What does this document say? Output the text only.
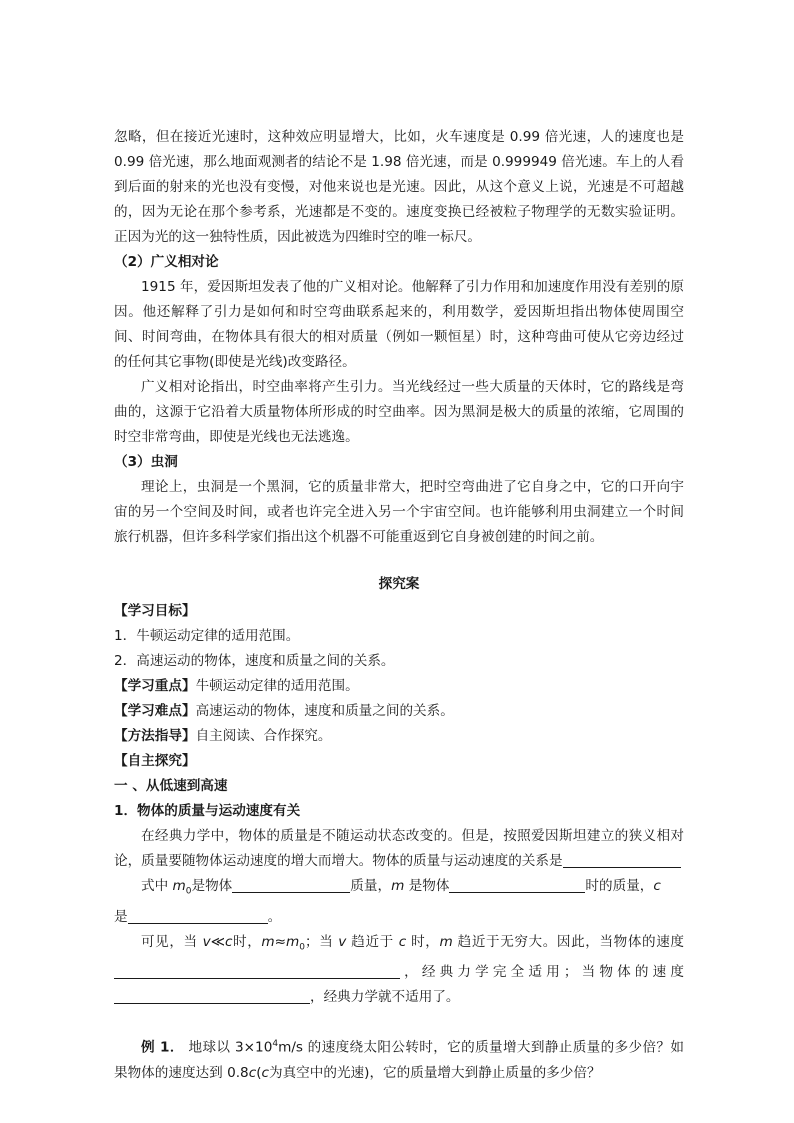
忽略，但在接近光速时，这种效应明显增大，比如，火车速度是 0.99 倍光速，人的速度也是 0.99 倍光速，那么地面观测者的结论不是 1.98 倍光速，而是 0.999949 倍光速。车上的人看到后面的射来的光也没有变慢，对他来说也是光速。因此，从这个意义上说，光速是不可超越的，因为无论在那个参考系，光速都是不变的。速度变换已经被粒子物理学的无数实验证明。正因为光的这一独特性质，因此被选为四维时空的唯一标尺。

（2）广义相对论

1915 年，爱因斯坦发表了他的广义相对论。他解释了引力作用和加速度作用没有差别的原因。他还解释了引力是如何和时空弯曲联系起来的，利用数学，爱因斯坦指出物体使周围空间、时间弯曲，在物体具有很大的相对质量（例如一颗恒星）时，这种弯曲可使从它旁边经过的任何其它事物(即使是光线)改变路径。

广义相对论指出，时空曲率将产生引力。当光线经过一些大质量的天体时，它的路线是弯曲的，这源于它沿着大质量物体所形成的时空曲率。因为黑洞是极大的质量的浓缩，它周围的时空非常弯曲，即使是光线也无法逃逸。

（3）虫洞

理论上，虫洞是一个黑洞，它的质量非常大，把时空弯曲进了它自身之中，它的口开向宇宙的另一个空间及时间，或者也许完全进入另一个宇宙空间。也许能够利用虫洞建立一个时间旅行机器，但许多科学家们指出这个机器不可能重返到它自身被创建的时间之前。

探究案

【学习目标】

1．牛顿运动定律的适用范围。

2．高速运动的物体，速度和质量之间的关系。

【学习重点】牛顿运动定律的适用范围。

【学习难点】高速运动的物体，速度和质量之间的关系。

【方法指导】自主阅读、合作探究。

【自主探究】

一 、从低速到高速

1．物体的质量与运动速度有关

在经典力学中，物体的质量是不随运动状态改变的。但是，按照爱因斯坦建立的狭义相对论，质量要随物体运动速度的增大而增大。物体的质量与运动速度的关系是

式中 $m_0$是物体	质量，m 是物体	时的质量，c

是	。

可见，当 v≪c时，$m\approx m_0$；当 v 趋近于 c 时，m 趋近于无穷大。因此，当物体的速度，经典力学完全适用；当物体的速度，经典力学就不适用了。

例 1． 地球以 $3\times 10^4m/s$ 的速度绕太阳公转时，它的质量增大到静止质量的多少倍？如果物体的速度达到 0.8c(c为真空中的光速)，它的质量增大到静止质量的多少倍？
